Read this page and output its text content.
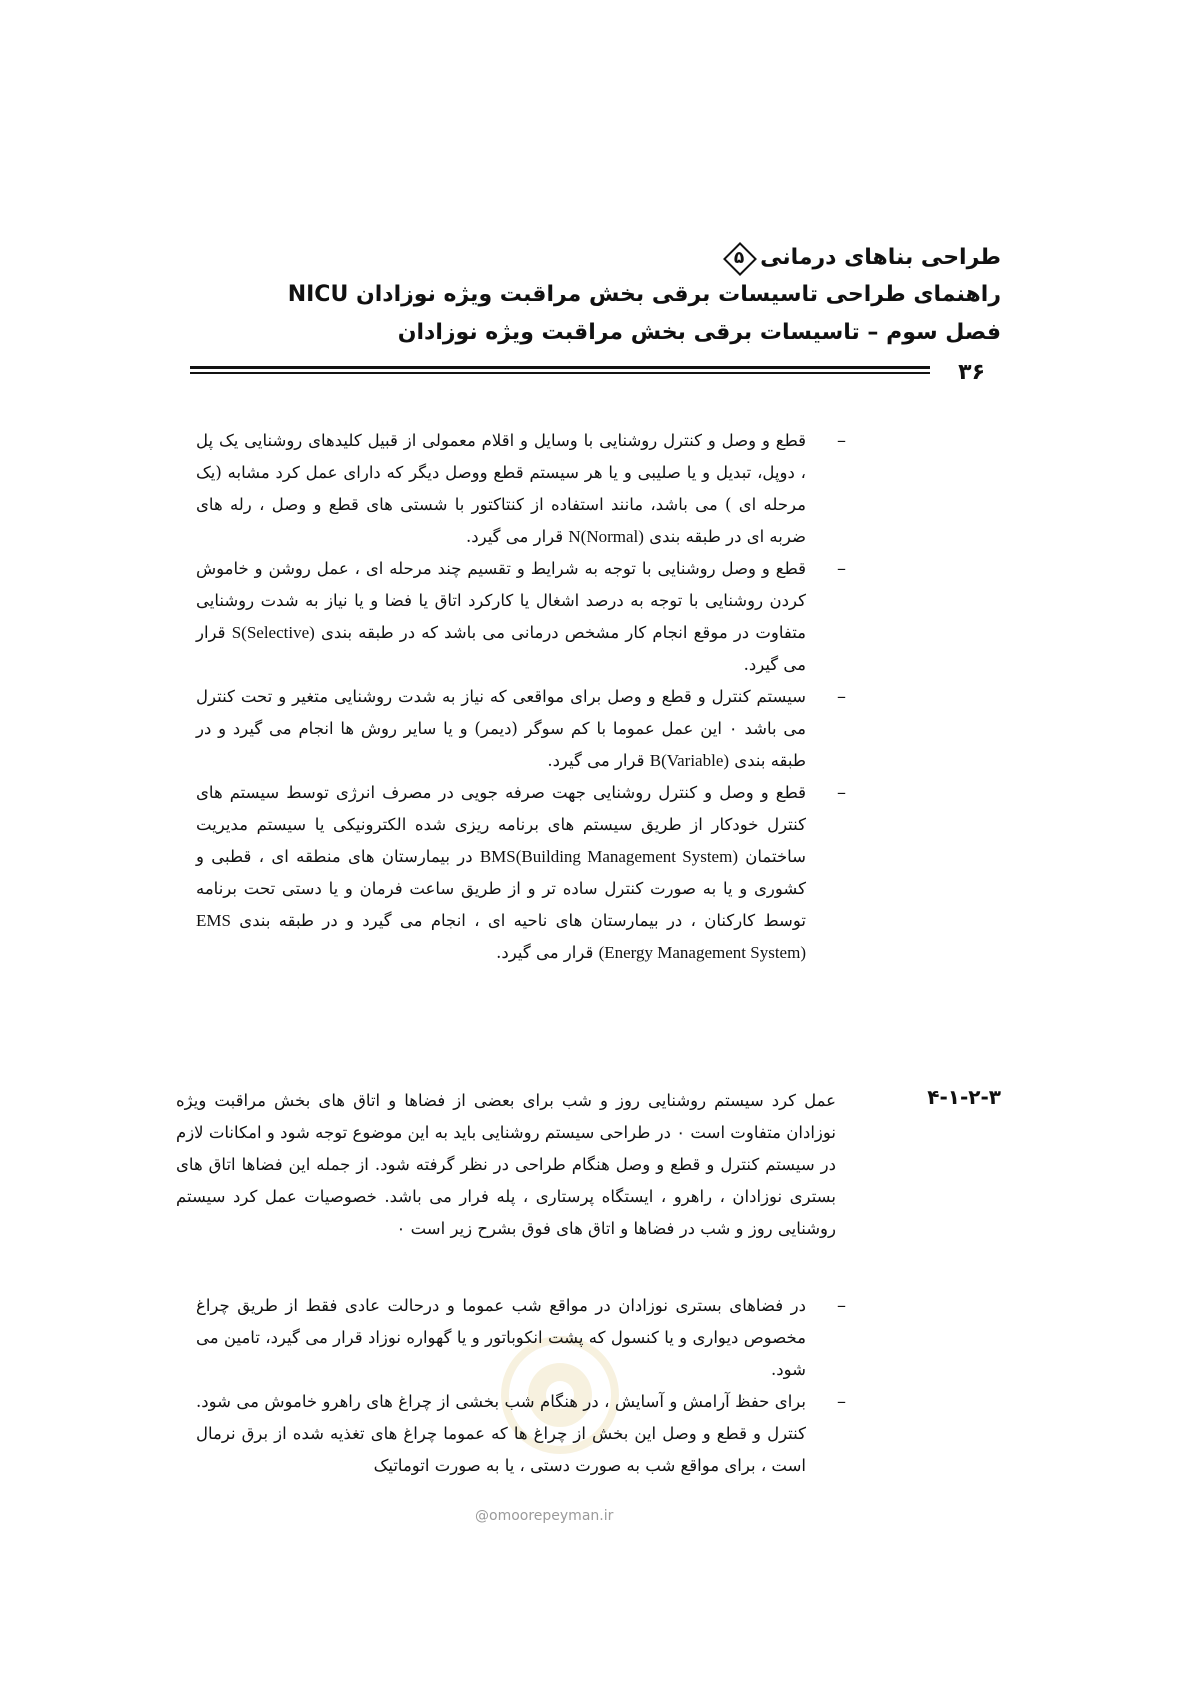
طراحی بناهای درمانی
۵
راهنمای طراحی تاسیسات برقی بخش مراقبت ویژه نوزادان NICU
فصل سوم – تاسیسات برقی بخش مراقبت ویژه نوزادان
۳۶

–
قطع و وصل و کنترل روشنایی با وسایل و اقلام معمولی از قبیل کلیدهای روشنایی یک پل ، دوپل، تبدیل و یا صلیبی و یا هر سیستم قطع ووصل دیگر که دارای عمل کرد مشابه (یک مرحله ای ) می باشد، مانند استفاده از کنتاکتور با شستی های قطع و وصل ، رله های ضربه ای در طبقه بندی N(Normal) قرار می گیرد.

–
قطع و وصل روشنایی با توجه به شرایط و تقسیم چند مرحله ای ، عمل روشن و خاموش کردن روشنایی با توجه به درصد اشغال یا کارکرد اتاق یا فضا و یا نیاز به شدت روشنایی متفاوت در موقع انجام کار مشخص درمانی می باشد که در طبقه بندی S(Selective) قرار می گیرد.

–
سیستم کنترل و قطع و وصل برای مواقعی که نیاز به شدت روشنایی متغیر و تحت کنترل می باشد ۰ این عمل عموما با کم سوگر (دیمر) و یا سایر روش ها انجام می گیرد و در طبقه بندی B(Variable) قرار می گیرد.

–
قطع و وصل و کنترل روشنایی جهت صرفه جویی در مصرف انرژی توسط سیستم های کنترل خودکار از طریق سیستم های برنامه ریزی شده الکترونیکی یا سیستم مدیریت ساختمان BMS(Building Management System) در بیمارستان های منطقه ای ، قطبی و کشوری و یا به صورت کنترل ساده تر و از طریق ساعت فرمان و یا دستی تحت برنامه توسط کارکنان ، در بیمارستان های ناحیه ای ، انجام می گیرد و در طبقه بندی EMS (Energy Management System) قرار می گیرد.

۴-۱-۲-۳
عمل کرد سیستم روشنایی روز و شب برای بعضی از فضاها و اتاق های بخش مراقبت ویژه نوزادان متفاوت است ۰ در طراحی سیستم روشنایی باید به این موضوع توجه شود و امکانات لازم در سیستم کنترل و قطع و وصل هنگام طراحی در نظر گرفته شود. از جمله این فضاها اتاق های بستری نوزادان ، راهرو ، ایستگاه پرستاری ، پله فرار می باشد. خصوصیات عمل کرد سیستم روشنایی روز و شب در فضاها و اتاق های فوق بشرح زیر است ۰
@omoorepeyman.ir

–
در فضاهای بستری نوزادان در مواقع شب عموما و درحالت عادی فقط از طریق چراغ مخصوص دیواری و یا کنسول که پشت انکوباتور و یا گهواره نوزاد قرار می گیرد، تامین می شود.

–
برای حفظ آرامش و آسایش ، در هنگام شب بخشی از چراغ های راهرو خاموش می شود. کنترل و قطع و وصل این بخش از چراغ ها که عموما چراغ های تغذیه شده از برق نرمال است ، برای مواقع شب به صورت دستی ، یا به صورت اتوماتیک
